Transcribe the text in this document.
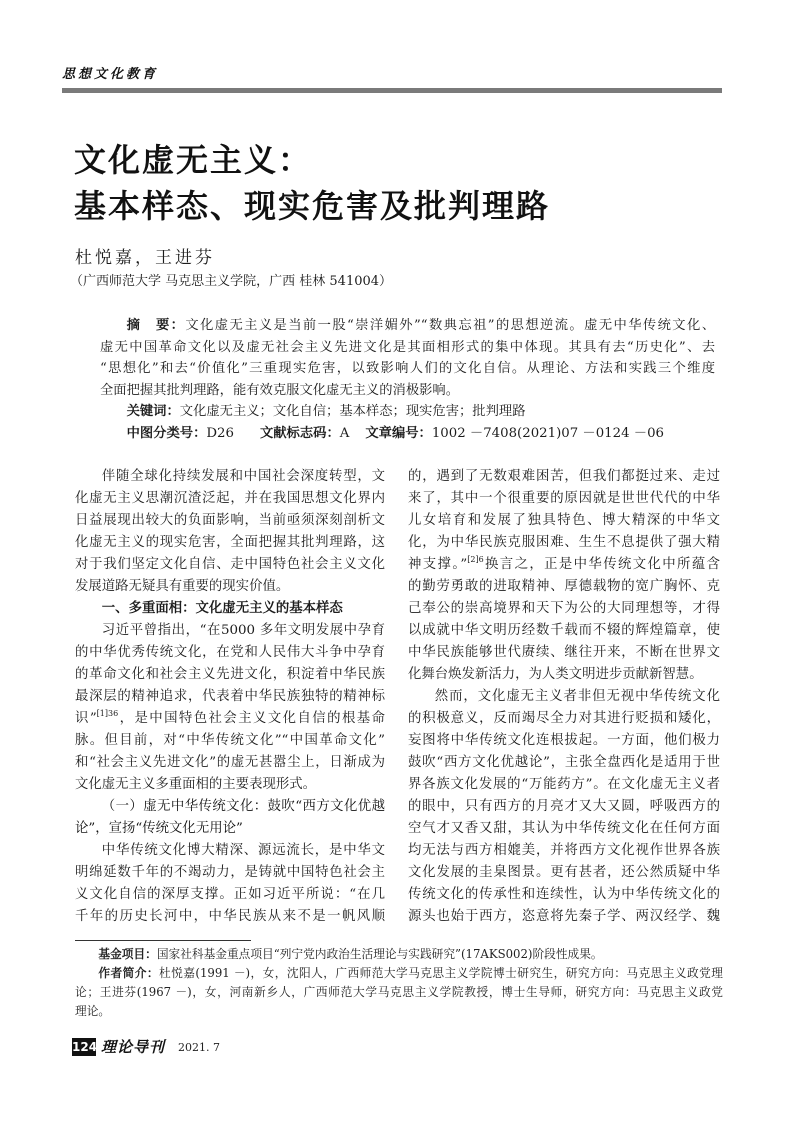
思想文化教育
文化虚无主义：
基本样态、现实危害及批判理路
杜悦嘉，王进芬
（广西师范大学 马克思主义学院，广西 桂林 541004）
摘　要：文化虚无主义是当前一股“崇洋媚外”“数典忘祖”的思想逆流。虚无中华传统文化、
虚无中国革命文化以及虚无社会主义先进文化是其面相形式的集中体现。其具有去“历史化”、去
“思想化”和去“价值化”三重现实危害，以致影响人们的文化自信。从理论、方法和实践三个维度
全面把握其批判理路，能有效克服文化虚无主义的消极影响。
关键词：文化虚无主义；文化自信；基本样态；现实危害；批判理路
中图分类号：D26 文献标志码：A 文章编号：1002 －7408(2021)07 －0124 －06
伴随全球化持续发展和中国社会深度转型，文
化虚无主义思潮沉渣泛起，并在我国思想文化界内
日益展现出较大的负面影响，当前亟须深刻剖析文
化虚无主义的现实危害，全面把握其批判理路，这
对于我们坚定文化自信、走中国特色社会主义文化
发展道路无疑具有重要的现实价值。
一、多重面相：文化虚无主义的基本样态
习近平曾指出，“在5000 多年文明发展中孕育
的中华优秀传统文化，在党和人民伟大斗争中孕育
的革命文化和社会主义先进文化，积淀着中华民族
最深层的精神追求，代表着中华民族独特的精神标
识”$^{[1]36}$，是中国特色社会主义文化自信的根基命
脉。但目前，对“中华传统文化”“中国革命文化”
和“社会主义先进文化”的虚无甚嚣尘上，日渐成为
文化虚无主义多重面相的主要表现形式。
（一）虚无中华传统文化：鼓吹“西方文化优越
论”，宣扬“传统文化无用论”
中华传统文化博大精深、源远流长，是中华文
明绵延数千年的不竭动力，是铸就中国特色社会主
义文化自信的深厚支撑。正如习近平所说：“在几
千年的历史长河中，中华民族从来不是一帆风顺
的，遇到了无数艰难困苦，但我们都挺过来、走过
来了，其中一个很重要的原因就是世世代代的中华
儿女培育和发展了独具特色、博大精深的中华文
化，为中华民族克服困难、生生不息提供了强大精
神支撑。”$^{[2]6}$换言之，正是中华传统文化中所蕴含
的勤劳勇敢的进取精神、厚德载物的宽广胸怀、克
己奉公的崇高境界和天下为公的大同理想等，才得
以成就中华文明历经数千载而不辍的辉煌篇章，使
中华民族能够世代赓续、继往开来，不断在世界文
化舞台焕发新活力，为人类文明进步贡献新智慧。
然而，文化虚无主义者非但无视中华传统文化
的积极意义，反而竭尽全力对其进行贬损和矮化，
妄图将中华传统文化连根拔起。一方面，他们极力
鼓吹“西方文化优越论”，主张全盘西化是适用于世
界各族文化发展的“万能药方”。在文化虚无主义者
的眼中，只有西方的月亮才又大又圆，呼吸西方的
空气才又香又甜，其认为中华传统文化在任何方面
均无法与西方相媲美，并将西方文化视作世界各族
文化发展的圭臬图景。更有甚者，还公然质疑中华
传统文化的传承性和连续性，认为中华传统文化的
源头也始于西方，恣意将先秦子学、两汉经学、魏
基金项目：国家社科基金重点项目“列宁党内政治生活理论与实践研究”(17AKS002)阶段性成果。
作者简介：杜悦嘉(1991 －)，女，沈阳人，广西师范大学马克思主义学院博士研究生，研究方向：马克思主义政党理
论；王进芬(1967 －)，女，河南新乡人，广西师范大学马克思主义学院教授，博士生导师，研究方向：马克思主义政党
理论。
124 理论导刊 2021. 7
